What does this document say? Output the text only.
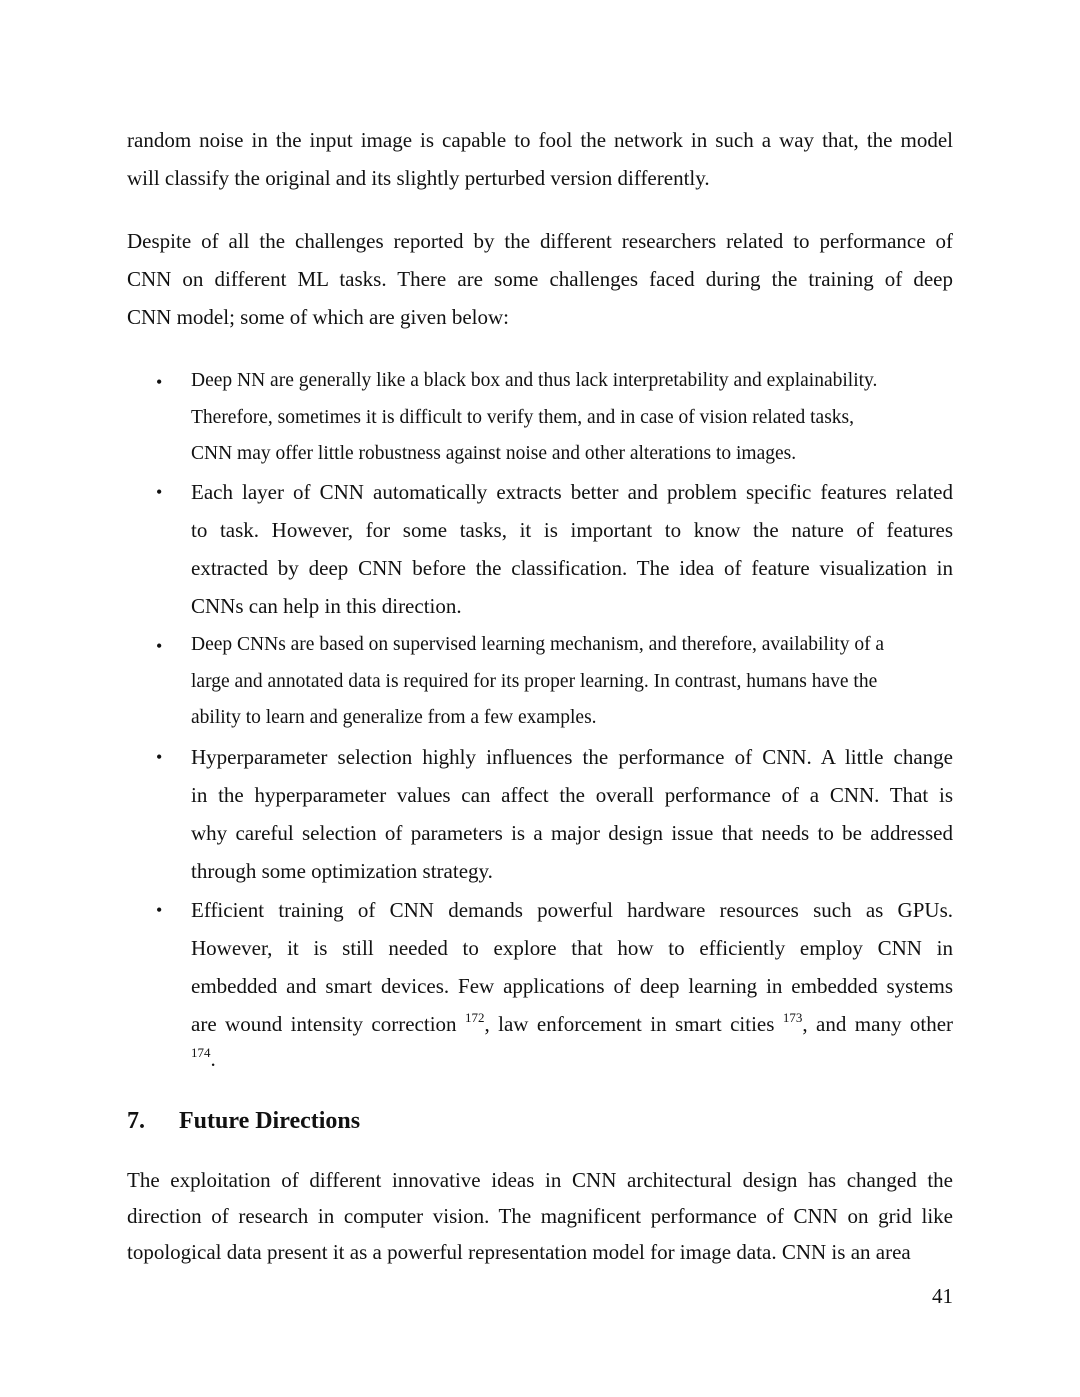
random noise in the input image is capable to fool the network in such a way that, the model
will classify the original and its slightly perturbed version differently.
Despite of all the challenges reported by the different researchers related to performance of
CNN on different ML tasks. There are some challenges faced during the training of deep
CNN model; some of which are given below:
• Deep NN are generally like a black box and thus lack interpretability and explainability.
Therefore, sometimes it is difficult to verify them, and in case of vision related tasks,
CNN may offer little robustness against noise and other alterations to images.
• Each layer of CNN automatically extracts better and problem specific features related
to task. However, for some tasks, it is important to know the nature of features
extracted by deep CNN before the classification. The idea of feature visualization in
CNNs can help in this direction.
• Deep CNNs are based on supervised learning mechanism, and therefore, availability of a
large and annotated data is required for its proper learning. In contrast, humans have the
ability to learn and generalize from a few examples.
• Hyperparameter selection highly influences the performance of CNN. A little change
in the hyperparameter values can affect the overall performance of a CNN. That is
why careful selection of parameters is a major design issue that needs to be addressed
through some optimization strategy.
• Efficient training of CNN demands powerful hardware resources such as GPUs.
However, it is still needed to explore that how to efficiently employ CNN in
embedded and smart devices. Few applications of deep learning in embedded systems
are wound intensity correction $^{172}$, law enforcement in smart cities $^{173}$, and many other
$^{174}$.
7. Future Directions
The exploitation of different innovative ideas in CNN architectural design has changed the
direction of research in computer vision. The magnificent performance of CNN on grid like
topological data present it as a powerful representation model for image data. CNN is an area
41
